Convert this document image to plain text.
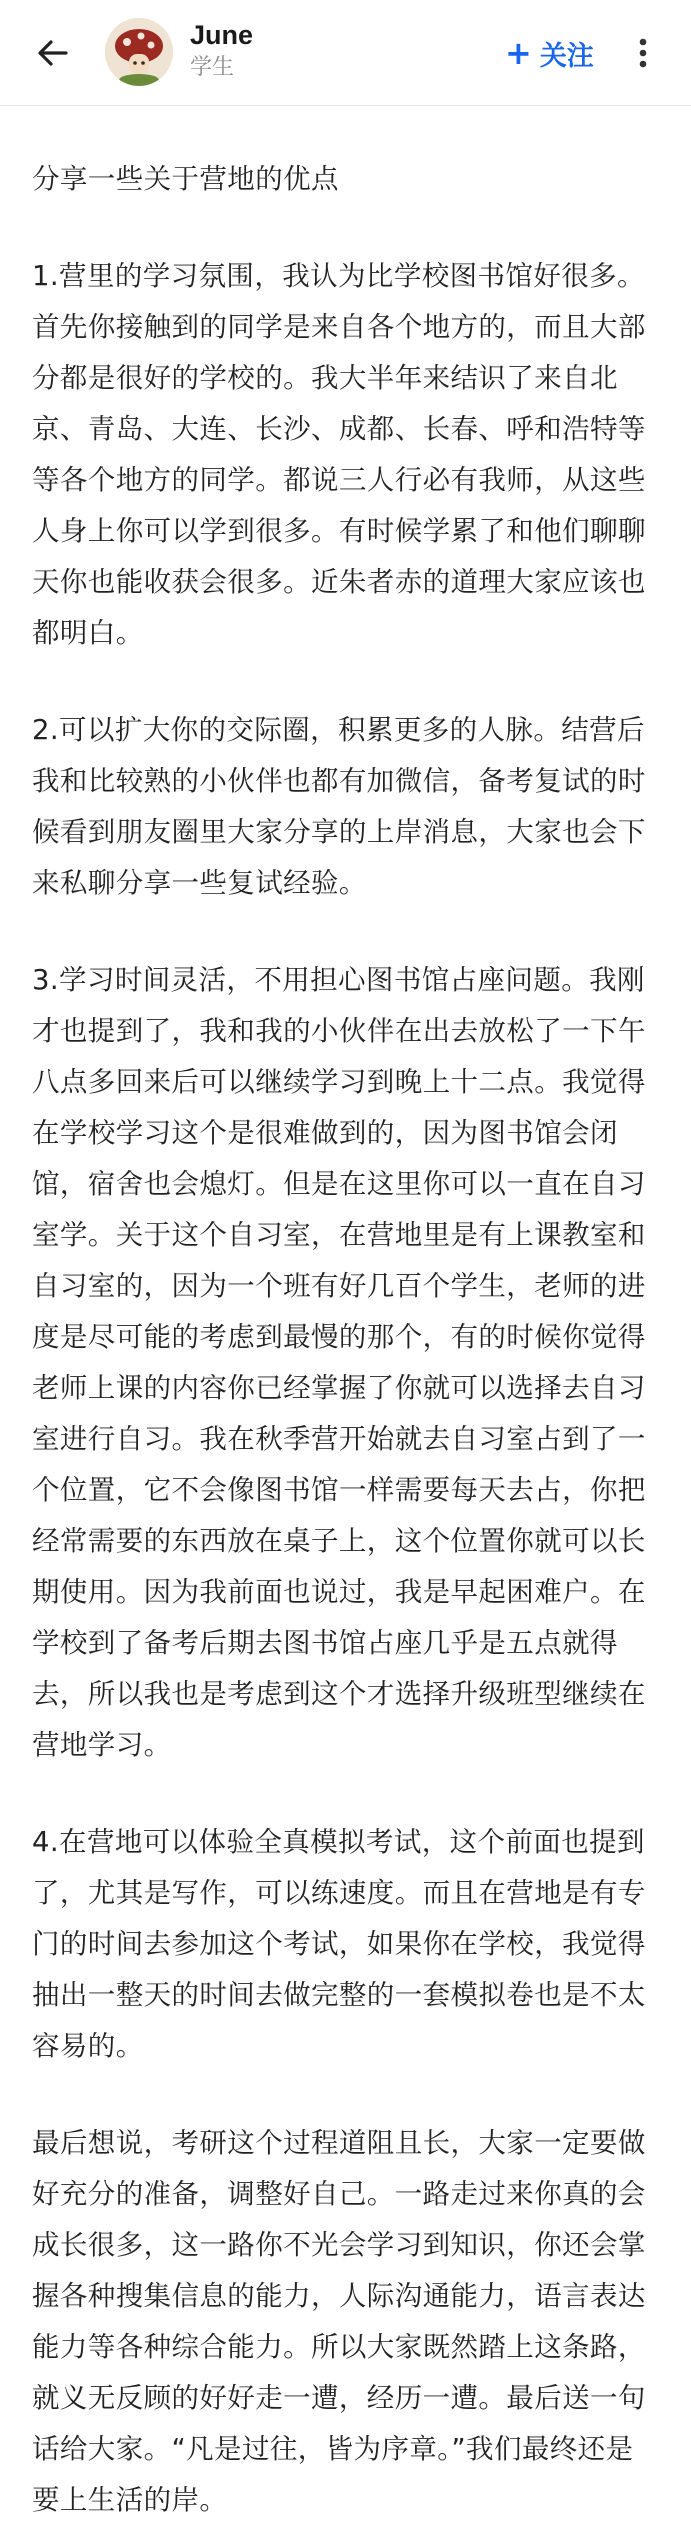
June
学生	+ 关注

分享一些关于营地的优点

1.营里的学习氛围，我认为比学校图书馆好很多。首先你接触到的同学是来自各个地方的，而且大部分都是很好的学校的。我大半年来结识了来自北京、青岛、大连、长沙、成都、长春、呼和浩特等等各个地方的同学。都说三人行必有我师，从这些人身上你可以学到很多。有时候学累了和他们聊聊天你也能收获会很多。近朱者赤的道理大家应该也都明白。

2.可以扩大你的交际圈，积累更多的人脉。结营后我和比较熟的小伙伴也都有加微信，备考复试的时候看到朋友圈里大家分享的上岸消息，大家也会下来私聊分享一些复试经验。

3.学习时间灵活，不用担心图书馆占座问题。我刚才也提到了，我和我的小伙伴在出去放松了一下午八点多回来后可以继续学习到晚上十二点。我觉得在学校学习这个是很难做到的，因为图书馆会闭馆，宿舍也会熄灯。但是在这里你可以一直在自习室学。关于这个自习室，在营地里是有上课教室和自习室的，因为一个班有好几百个学生，老师的进度是尽可能的考虑到最慢的那个，有的时候你觉得老师上课的内容你已经掌握了你就可以选择去自习室进行自习。我在秋季营开始就去自习室占到了一个位置，它不会像图书馆一样需要每天去占，你把经常需要的东西放在桌子上，这个位置你就可以长期使用。因为我前面也说过，我是早起困难户。在学校到了备考后期去图书馆占座几乎是五点就得去，所以我也是考虑到这个才选择升级班型继续在营地学习。

4.在营地可以体验全真模拟考试，这个前面也提到了，尤其是写作，可以练速度。而且在营地是有专门的时间去参加这个考试，如果你在学校，我觉得抽出一整天的时间去做完整的一套模拟卷也是不太容易的。

最后想说，考研这个过程道阻且长，大家一定要做好充分的准备，调整好自己。一路走过来你真的会成长很多，这一路你不光会学习到知识，你还会掌握各种搜集信息的能力，人际沟通能力，语言表达能力等各种综合能力。所以大家既然踏上这条路，就义无反顾的好好走一遭，经历一遭。最后送一句话给大家。“凡是过往，皆为序章。”我们最终还是要上生活的岸。
